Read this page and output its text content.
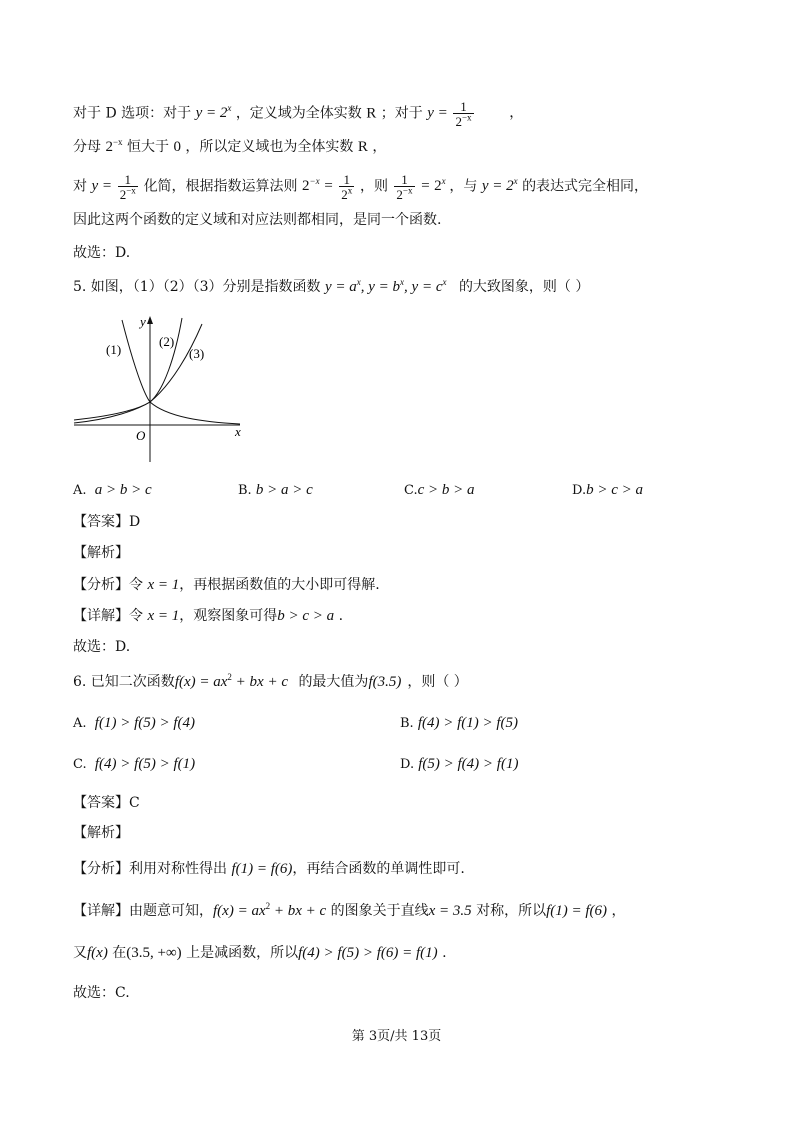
对于 D 选项：对于 $y = 2^x$ ，定义域为全体实数 R ；对于 $y = \frac{1}{2^{-x}}$	，
分母 $2^{-x}$ 恒大于 0 ，所以定义域也为全体实数 R ，
对 $y = \frac{1}{2^{-x}}$ 化简，根据指数运算法则 $2^{-x} = \frac{1}{2^x}$ ，则 $\frac{1}{2^{-x}} = 2^x$ ，与 $y = 2^x$ 的表达式完全相同，
因此这两个函数的定义域和对应法则都相同，是同一个函数.
故选：D.
5. 如图，（1）（2）（3）分别是指数函数 $y = a^x$, $y = b^x$, $y = c^x$ 的大致图象，则（ ）
x
y
O
(1)
(2)
(3)
A. a > b > c	B. b > a > c	C.c > b > a	D.b > c > a
【答案】D
【解析】
【分析】令 x = 1，再根据函数值的大小即可得解.
【详解】令 x = 1，观察图象可得b > c > a .
故选：D.
6. 已知二次函数$f(x) = ax^2$ + bx + c 的最大值为f(3.5) ，则（ ）
A. f(1) > f(5) > f(4)	B. f(4) > f(1) > f(5)
C. f(4) > f(5) > f(1)	D. f(5) > f(4) > f(1)
【答案】C
【解析】
【分析】利用对称性得出 f(1) = f(6)，再结合函数的单调性即可.
【详解】由题意可知，$f(x) = ax^2$ + bx + c 的图象关于直线x = 3.5 对称，所以f(1) = f(6) ，
又f(x) 在(3.5, +∞) 上是减函数，所以f(4) > f(5) > f(6) = f(1) .
故选：C.
第 3页/共 13页
